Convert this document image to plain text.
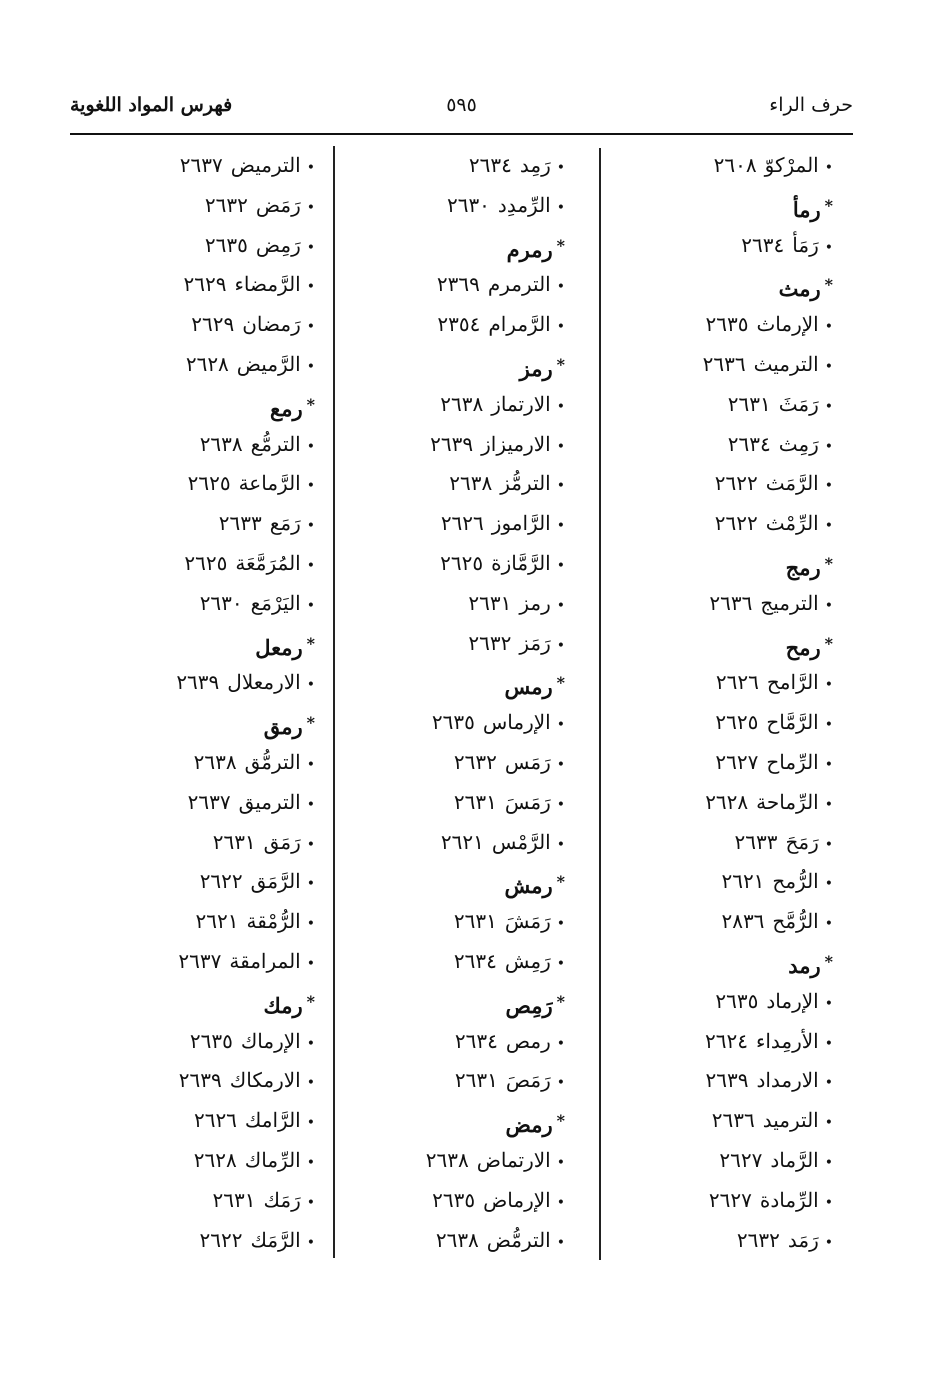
حرف الراء
٥٩٥
فهرس المواد اللغوية
•المرْكوّ٢٦٠٨
*رمأ
•رَمَأ٢٦٣٤
*رمث
•الإرماث٢٦٣٥
•الترميث٢٦٣٦
•رَمَثَ٢٦٣١
•رَمِث٢٦٣٤
•الرَّمَث٢٦٢٢
•الرِّمْث٢٦٢٢
*رمج
•الترميج٢٦٣٦
*رمح
•الرَّامح٢٦٢٦
•الرَّمَّاح٢٦٢٥
•الرِّماح٢٦٢٧
•الرِّماحة٢٦٢٨
•رَمَحَ٢٦٣٣
•الرُّمح٢٦٢١
•الرُّمَّح٢٨٣٦
*رمد
•الإرماد٢٦٣٥
•الأرمِداء٢٦٢٤
•الارمداد٢٦٣٩
•الترميد٢٦٣٦
•الرَّماد٢٦٢٧
•الرِّمادة٢٦٢٧
•رَمَد٢٦٣٢
•رَمِد٢٦٣٤
•الرِّمدِد٢٦٣٠
*رمرم
•الترمرم٢٣٦٩
•الرَّمرام٢٣٥٤
*رمز
•الارتماز٢٦٣٨
•الارميزاز٢٦٣٩
•الترمُّز٢٦٣٨
•الرَّاموز٢٦٢٦
•الرَّمَّازة٢٦٢٥
•رمز٢٦٣١
•رَمَز٢٦٣٢
*رمس
•الإرماس٢٦٣٥
•رَمَس٢٦٣٢
•رَمَسَ٢٦٣١
•الرَّمْس٢٦٢١
*رمش
•رَمَشَ٢٦٣١
•رَمِش٢٦٣٤
*رَمِص
•رمص٢٦٣٤
•رَمَصَ٢٦٣١
*رمض
•الارتماض٢٦٣٨
•الإرماض٢٦٣٥
•الترمُّض٢٦٣٨
•الترميض٢٦٣٧
•رَمَض٢٦٣٢
•رَمِض٢٦٣٥
•الرَّمضاء٢٦٢٩
•رَمضان٢٦٢٩
•الرَّميض٢٦٢٨
*رمع
•الترمُّع٢٦٣٨
•الرَّماعة٢٦٢٥
•رَمَع٢٦٣٣
•المُرَمَّعَة٢٦٢٥
•اليَرْمَع٢٦٣٠
*رمعل
•الارمعلال٢٦٣٩
*رمق
•الترمُّق٢٦٣٨
•الترميق٢٦٣٧
•رَمَق٢٦٣١
•الرَّمَق٢٦٢٢
•الرُّمْقة٢٦٢١
•المرامقة٢٦٣٧
*رمك
•الإرماك٢٦٣٥
•الارمكاك٢٦٣٩
•الرَّامك٢٦٢٦
•الرِّماك٢٦٢٨
•رَمَك٢٦٣١
•الرَّمَك٢٦٢٢
